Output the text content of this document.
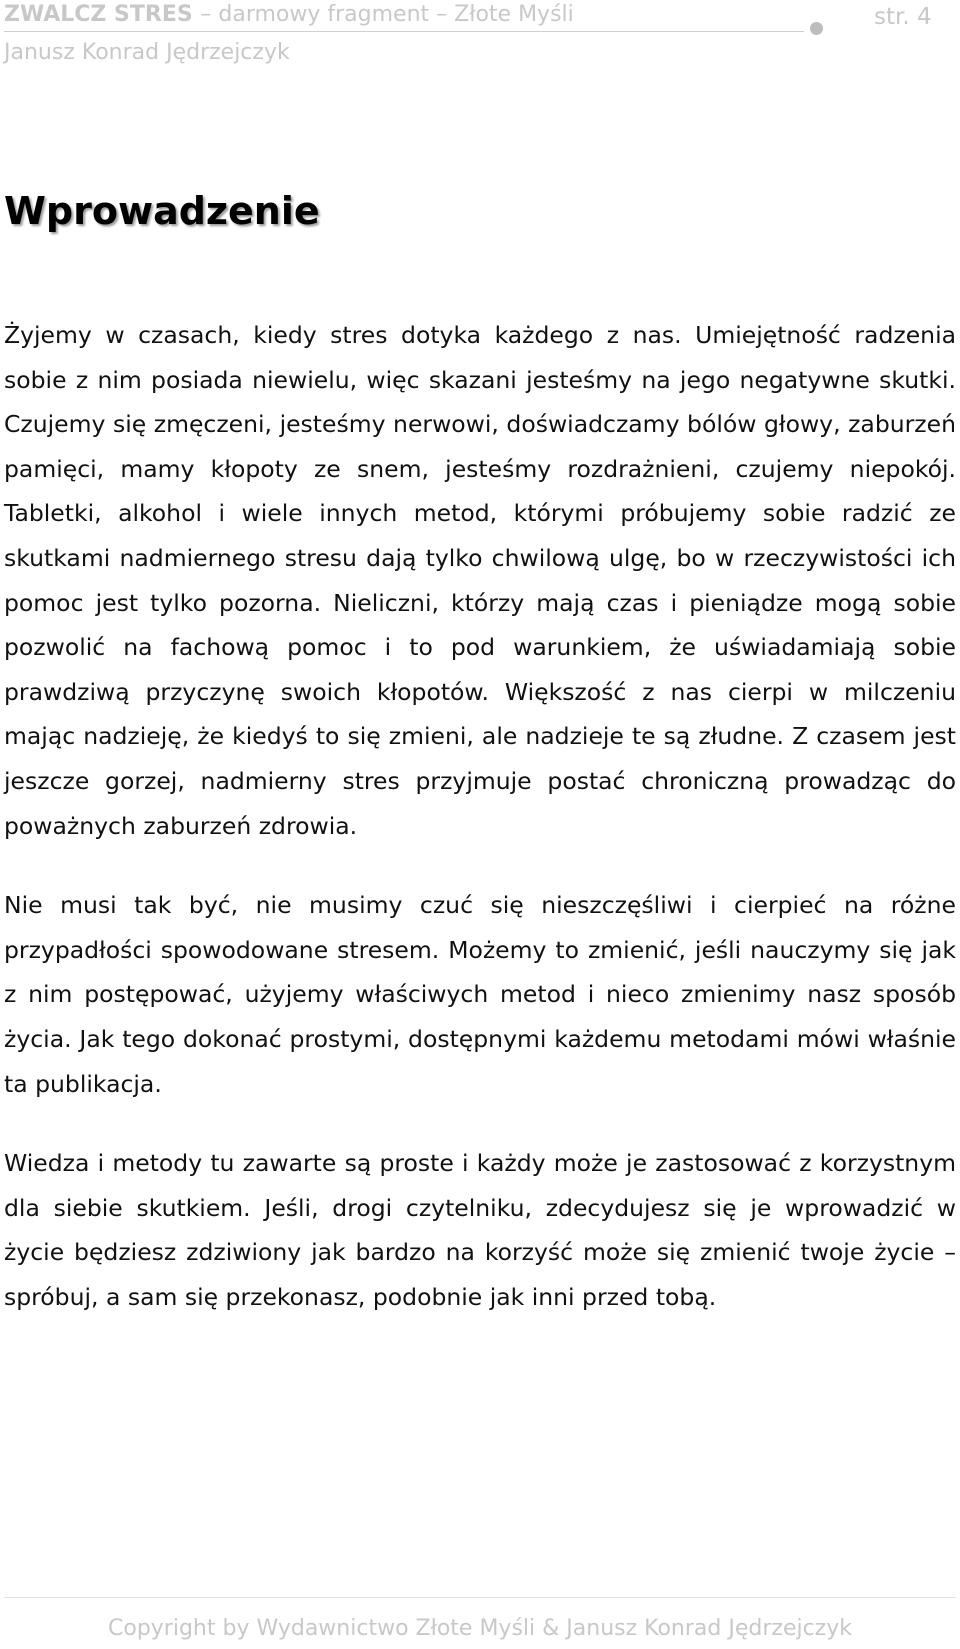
ZWALCZ STRES – darmowy fragment – Złote Myśli	str. 4
Janusz Konrad Jędrzejczyk
Wprowadzenie

Żyjemy w czasach, kiedy stres dotyka każdego z nas. Umiejętność radzenia sobie z nim posiada niewielu, więc skazani jesteśmy na jego negatywne skutki. Czujemy się zmęczeni, jesteśmy nerwowi, doświadczamy bólów głowy, zaburzeń pamięci, mamy kłopoty ze snem, jesteśmy rozdrażnieni, czujemy niepokój. Tabletki, alkohol i wiele innych metod, którymi próbujemy sobie radzić ze skutkami nadmiernego stresu dają tylko chwilową ulgę, bo w rzeczywistości ich pomoc jest tylko pozorna. Nieliczni, którzy mają czas i pieniądze mogą sobie pozwolić na fachową pomoc i to pod warunkiem, że uświadamiają sobie prawdziwą przyczynę swoich kłopotów. Większość z nas cierpi w milczeniu mając nadzieję, że kiedyś to się zmieni, ale nadzieje te są złudne. Z czasem jest jeszcze gorzej, nadmierny stres przyjmuje postać chroniczną prowadząc do poważnych zaburzeń zdrowia.

Nie musi tak być, nie musimy czuć się nieszczęśliwi i cierpieć na różne przypadłości spowodowane stresem. Możemy to zmienić, jeśli nauczymy się jak z nim postępować, użyjemy właściwych metod i nieco zmienimy nasz sposób życia. Jak tego dokonać prostymi, dostępnymi każdemu metodami mówi właśnie ta publikacja.

Wiedza i metody tu zawarte są proste i każdy może je zastosować z korzystnym dla siebie skutkiem. Jeśli, drogi czytelniku, zdecydujesz się je wprowadzić w życie będziesz zdziwiony jak bardzo na korzyść może się zmienić twoje życie – spróbuj, a sam się przekonasz, podobnie jak inni przed tobą.

Copyright by Wydawnictwo Złote Myśli & Janusz Konrad Jędrzejczyk
